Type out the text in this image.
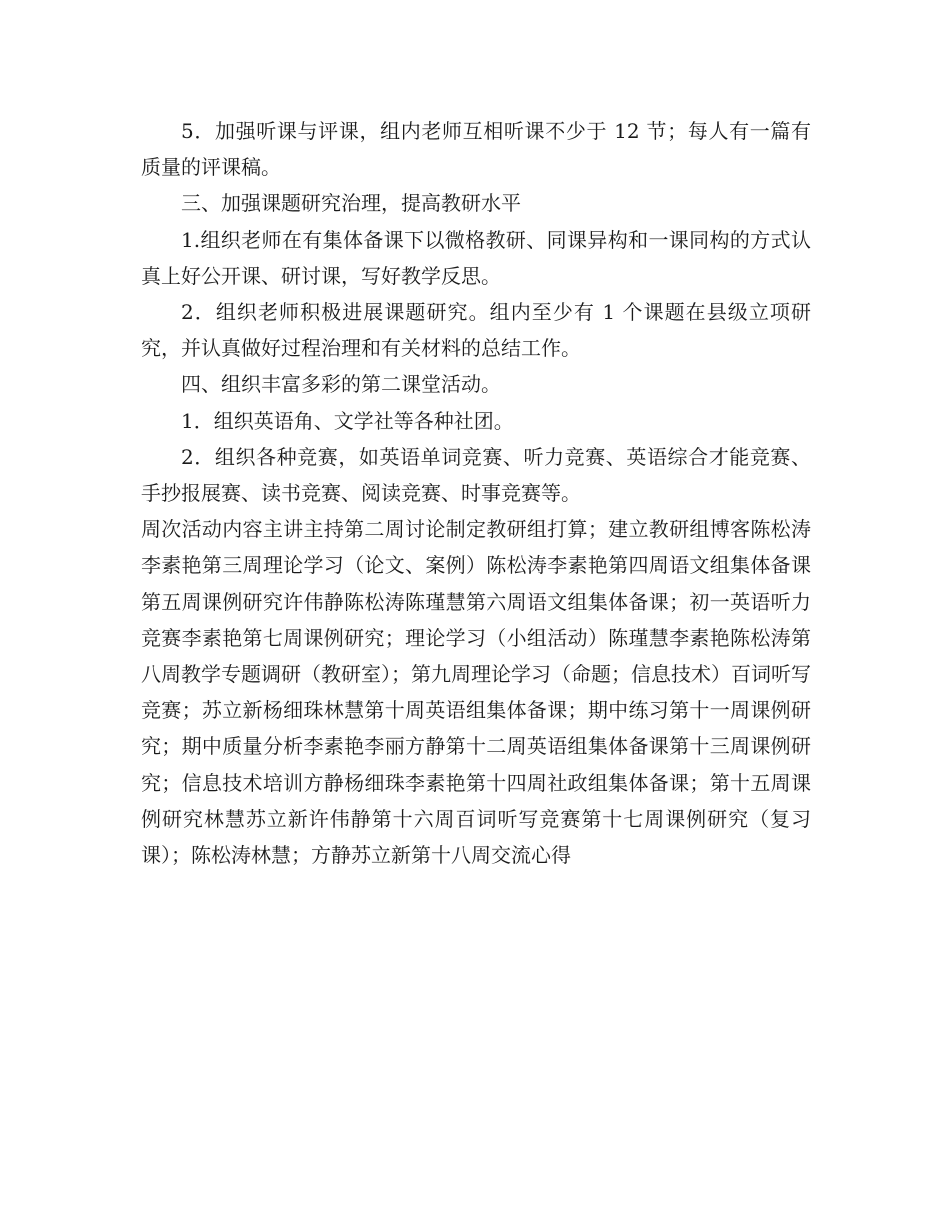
5．加强听课与评课，组内老师互相听课不少于 12 节；每人有一篇有质量的评课稿。

三、加强课题研究治理，提高教研水平

1.组织老师在有集体备课下以微格教研、同课异构和一课同构的方式认真上好公开课、研讨课，写好教学反思。

2．组织老师积极进展课题研究。组内至少有 1 个课题在县级立项研究，并认真做好过程治理和有关材料的总结工作。

四、组织丰富多彩的第二课堂活动。

1．组织英语角、文学社等各种社团。

2．组织各种竞赛，如英语单词竞赛、听力竞赛、英语综合才能竞赛、手抄报展赛、读书竞赛、阅读竞赛、时事竞赛等。

周次活动内容主讲主持第二周讨论制定教研组打算；建立教研组博客陈松涛李素艳第三周理论学习（论文、案例）陈松涛李素艳第四周语文组集体备课第五周课例研究许伟静陈松涛陈瑾慧第六周语文组集体备课；初一英语听力竞赛李素艳第七周课例研究；理论学习（小组活动）陈瑾慧李素艳陈松涛第八周教学专题调研（教研室）；第九周理论学习（命题；信息技术）百词听写竞赛；苏立新杨细珠林慧第十周英语组集体备课；期中练习第十一周课例研究；期中质量分析李素艳李丽方静第十二周英语组集体备课第十三周课例研究；信息技术培训方静杨细珠李素艳第十四周社政组集体备课；第十五周课例研究林慧苏立新许伟静第十六周百词听写竞赛第十七周课例研究（复习课）；陈松涛林慧；方静苏立新第十八周交流心得
